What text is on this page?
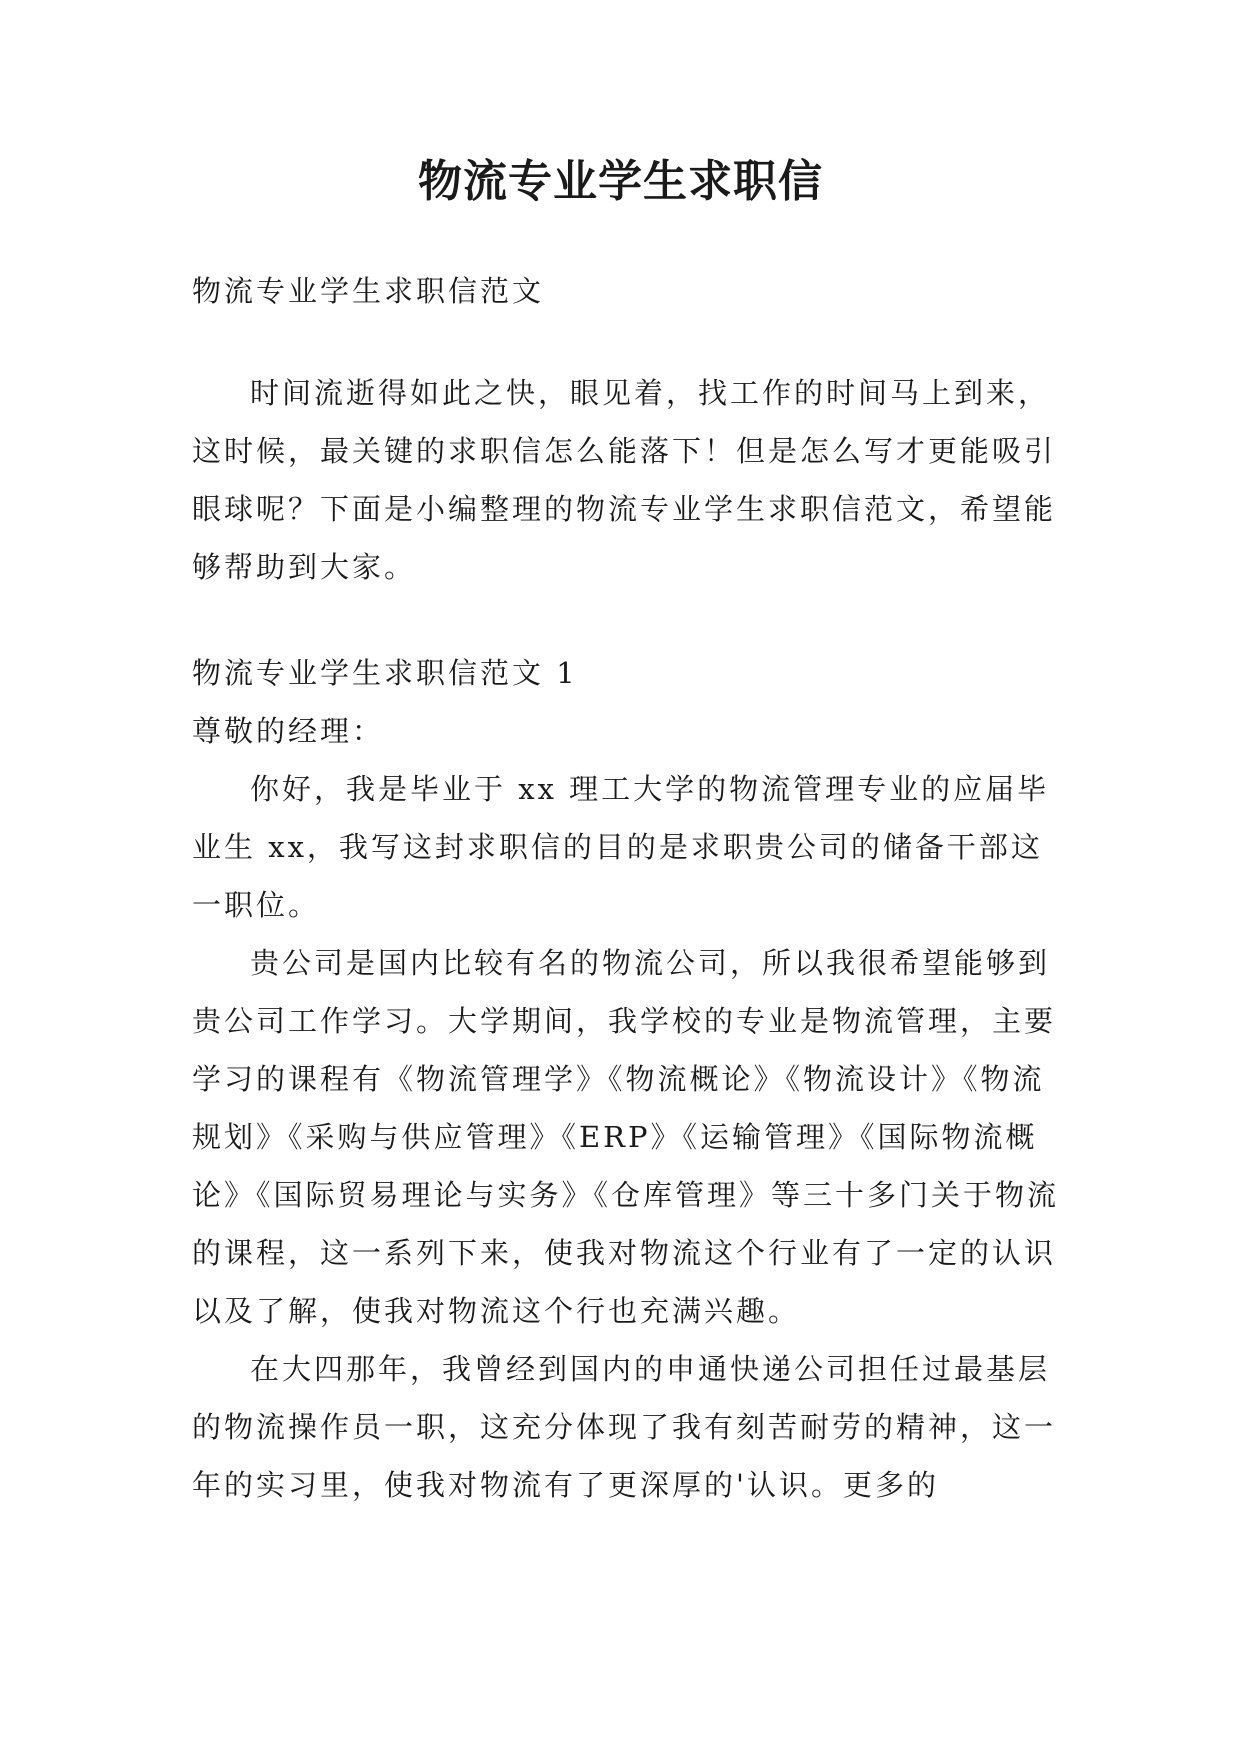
物流专业学生求职信

物流专业学生求职信范文

时间流逝得如此之快，眼见着，找工作的时间马上到来，这时候，最关键的求职信怎么能落下！但是怎么写才更能吸引眼球呢？下面是小编整理的物流专业学生求职信范文，希望能够帮助到大家。

物流专业学生求职信范文 1

尊敬的经理：

你好，我是毕业于 xx 理工大学的物流管理专业的应届毕业生 xx，我写这封求职信的目的是求职贵公司的储备干部这一职位。

贵公司是国内比较有名的物流公司，所以我很希望能够到贵公司工作学习。大学期间，我学校的专业是物流管理，主要学习的课程有《物流管理学》《物流概论》《物流设计》《物流规划》《采购与供应管理》《ERP》《运输管理》《国际物流概论》《国际贸易理论与实务》《仓库管理》等三十多门关于物流的课程，这一系列下来，使我对物流这个行业有了一定的认识以及了解，使我对物流这个行也充满兴趣。

在大四那年，我曾经到国内的申通快递公司担任过最基层的物流操作员一职，这充分体现了我有刻苦耐劳的精神，这一年的实习里，使我对物流有了更深厚的'认识。更多的
